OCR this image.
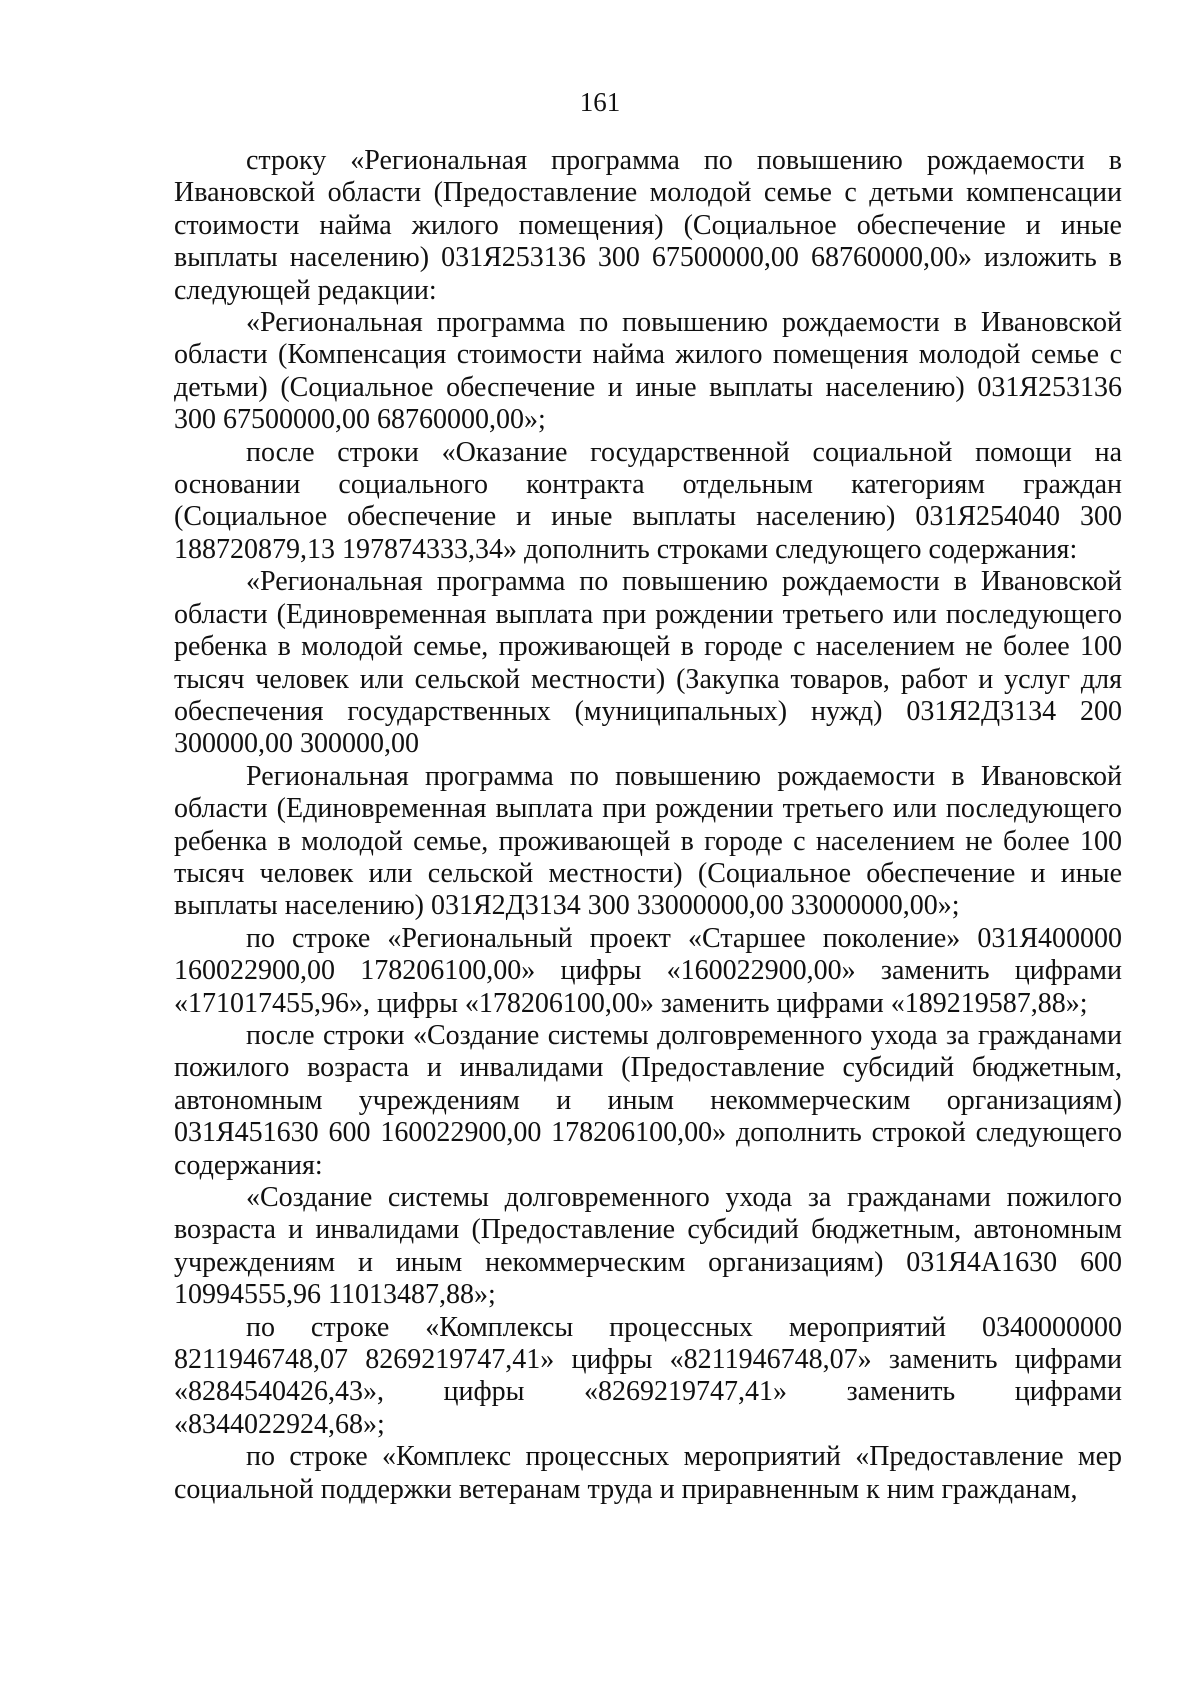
161

строку «Региональная программа по повышению рождаемости в Ивановской области (Предоставление молодой семье с детьми компенсации стоимости найма жилого помещения) (Социальное обеспечение и иные выплаты населению) 031Я253136 300 67500000,00 68760000,00» изложить в следующей редакции:

«Региональная программа по повышению рождаемости в Ивановской области (Компенсация стоимости найма жилого помещения молодой семье с детьми) (Социальное обеспечение и иные выплаты населению) 031Я253136 300 67500000,00 68760000,00»;

после строки «Оказание государственной социальной помощи на основании социального контракта отдельным категориям граждан (Социальное обеспечение и иные выплаты населению) 031Я254040 300 188720879,13 197874333,34» дополнить строками следующего содержания:

«Региональная программа по повышению рождаемости в Ивановской области (Единовременная выплата при рождении третьего или последующего ребенка в молодой семье, проживающей в городе с населением не более 100 тысяч человек или сельской местности) (Закупка товаров, работ и услуг для обеспечения государственных (муниципальных) нужд) 031Я2Д3134 200 300000,00 300000,00

Региональная программа по повышению рождаемости в Ивановской области (Единовременная выплата при рождении третьего или последующего ребенка в молодой семье, проживающей в городе с населением не более 100 тысяч человек или сельской местности) (Социальное обеспечение и иные выплаты населению) 031Я2Д3134 300 33000000,00 33000000,00»;

по строке «Региональный проект «Старшее поколение» 031Я400000 160022900,00 178206100,00» цифры «160022900,00» заменить цифрами «171017455,96», цифры «178206100,00» заменить цифрами «189219587,88»;

после строки «Создание системы долговременного ухода за гражданами пожилого возраста и инвалидами (Предоставление субсидий бюджетным, автономным учреждениям и иным некоммерческим организациям) 031Я451630 600 160022900,00 178206100,00» дополнить строкой следующего содержания:

«Создание системы долговременного ухода за гражданами пожилого возраста и инвалидами (Предоставление субсидий бюджетным, автономным учреждениям и иным некоммерческим организациям) 031Я4А1630 600 10994555,96 11013487,88»;

по строке «Комплексы процессных мероприятий 0340000000 8211946748,07 8269219747,41» цифры «8211946748,07» заменить цифрами «8284540426,43», цифры «8269219747,41» заменить цифрами «8344022924,68»;

по строке «Комплекс процессных мероприятий «Предоставление мер социальной поддержки ветеранам труда и приравненным к ним гражданам,
